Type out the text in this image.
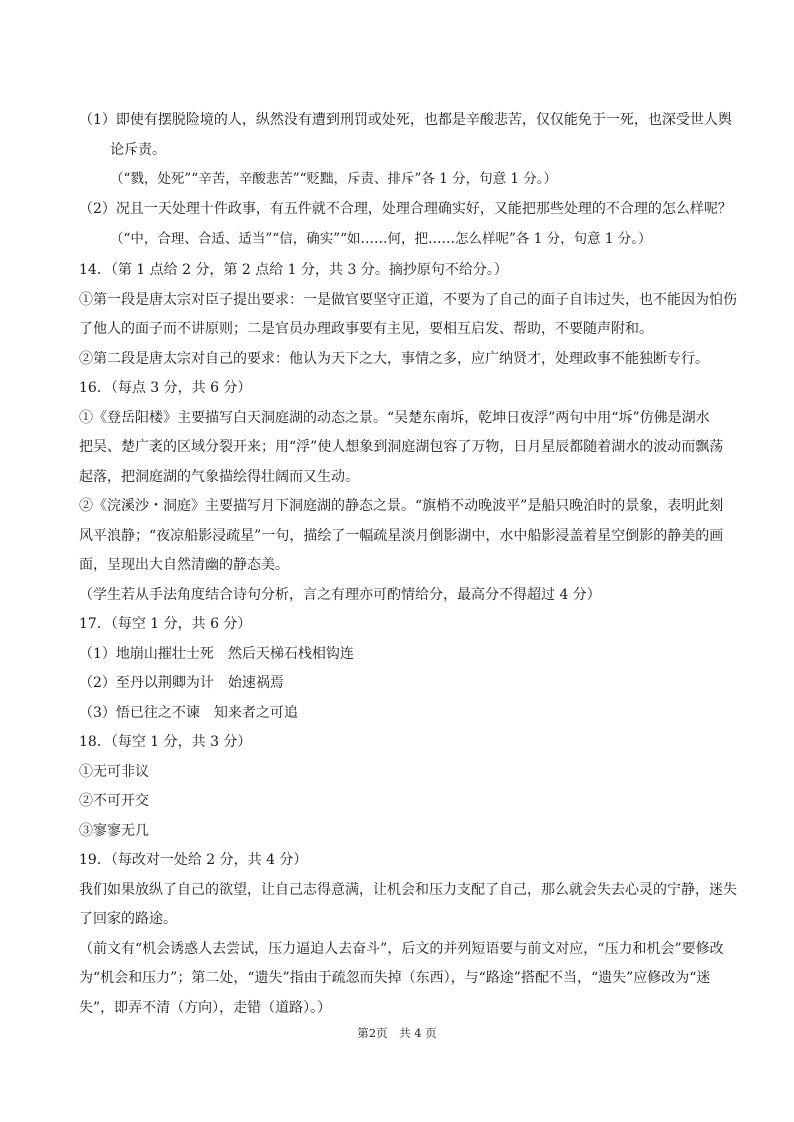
（1）即使有摆脱险境的人，纵然没有遭到刑罚或处死，也都是辛酸悲苦，仅仅能免于一死，也深受世人舆
论斥责。
（“戮，处死”“辛苦，辛酸悲苦”“贬黜，斥责、排斥”各 1 分，句意 1 分。）
（2）况且一天处理十件政事，有五件就不合理，处理合理确实好，又能把那些处理的不合理的怎么样呢？
（“中，合理、合适、适当”“信，确实”“如……何，把……怎么样呢”各 1 分，句意 1 分。）
14．（第 1 点给 2 分，第 2 点给 1 分，共 3 分。摘抄原句不给分。）
①第一段是唐太宗对臣子提出要求：一是做官要坚守正道，不要为了自己的面子自讳过失，也不能因为怕伤
了他人的面子而不讲原则；二是官员办理政事要有主见，要相互启发、帮助，不要随声附和。
②第二段是唐太宗对自己的要求：他认为天下之大，事情之多，应广纳贤才，处理政事不能独断专行。
16．（每点 3 分，共 6 分）
①《登岳阳楼》主要描写白天洞庭湖的动态之景。“吴楚东南坼，乾坤日夜浮”两句中用“坼”仿佛是湖水
把吴、楚广袤的区域分裂开来；用“浮”使人想象到洞庭湖包容了万物，日月星辰都随着湖水的波动而飘荡
起落，把洞庭湖的气象描绘得壮阔而又生动。
②《浣溪沙・洞庭》主要描写月下洞庭湖的静态之景。“旗梢不动晚波平”是船只晚泊时的景象，表明此刻
风平浪静；“夜凉船影浸疏星”一句，描绘了一幅疏星淡月倒影湖中，水中船影浸盖着星空倒影的静美的画
面，呈现出大自然清幽的静态美。
（学生若从手法角度结合诗句分析，言之有理亦可酌情给分，最高分不得超过 4 分）
17．（每空 1 分，共 6 分）
（1）地崩山摧壮士死　然后天梯石栈相钩连
（2）至丹以荆卿为计　始速祸焉
（3）悟已往之不谏　知来者之可追
18．（每空 1 分，共 3 分）
①无可非议
②不可开交
③寥寥无几
19．（每改对一处给 2 分，共 4 分）
我们如果放纵了自己的欲望，让自己志得意满，让机会和压力支配了自己，那么就会失去心灵的宁静，迷失
了回家的路途。
（前文有“机会诱惑人去尝试，压力逼迫人去奋斗”，后文的并列短语要与前文对应，“压力和机会”要修改
为“机会和压力”；第二处，“遗失”指由于疏忽而失掉（东西），与“路途”搭配不当，“遗失”应修改为“迷
失”，即弄不清（方向），走错（道路）。）
第2页　共 4 页
